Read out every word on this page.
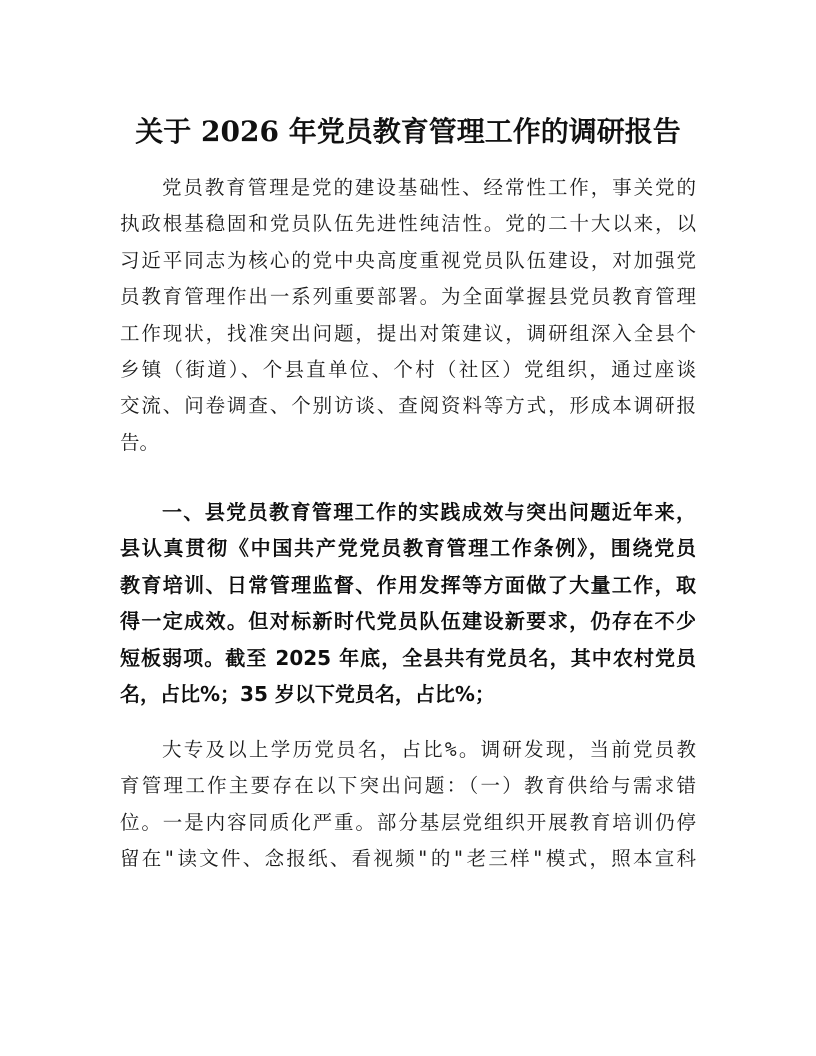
关于 2026 年党员教育管理工作的调研报告
党员教育管理是党的建设基础性、经常性工作，事关党的
执政根基稳固和党员队伍先进性纯洁性。党的二十大以来，以
习近平同志为核心的党中央高度重视党员队伍建设，对加强党
员教育管理作出一系列重要部署。为全面掌握县党员教育管理
工作现状，找准突出问题，提出对策建议，调研组深入全县个
乡镇（街道）、个县直单位、个村（社区）党组织，通过座谈
交流、问卷调查、个别访谈、查阅资料等方式，形成本调研报
告。
一、县党员教育管理工作的实践成效与突出问题近年来，
县认真贯彻《中国共产党党员教育管理工作条例》，围绕党员
教育培训、日常管理监督、作用发挥等方面做了大量工作，取
得一定成效。但对标新时代党员队伍建设新要求，仍存在不少
短板弱项。截至 2025 年底，全县共有党员名，其中农村党员
名，占比%；35 岁以下党员名，占比%；
大专及以上学历党员名，占比%。调研发现，当前党员教
育管理工作主要存在以下突出问题：（一）教育供给与需求错
位。一是内容同质化严重。部分基层党组织开展教育培训仍停
留在"读文件、念报纸、看视频"的"老三样"模式，照本宣科
